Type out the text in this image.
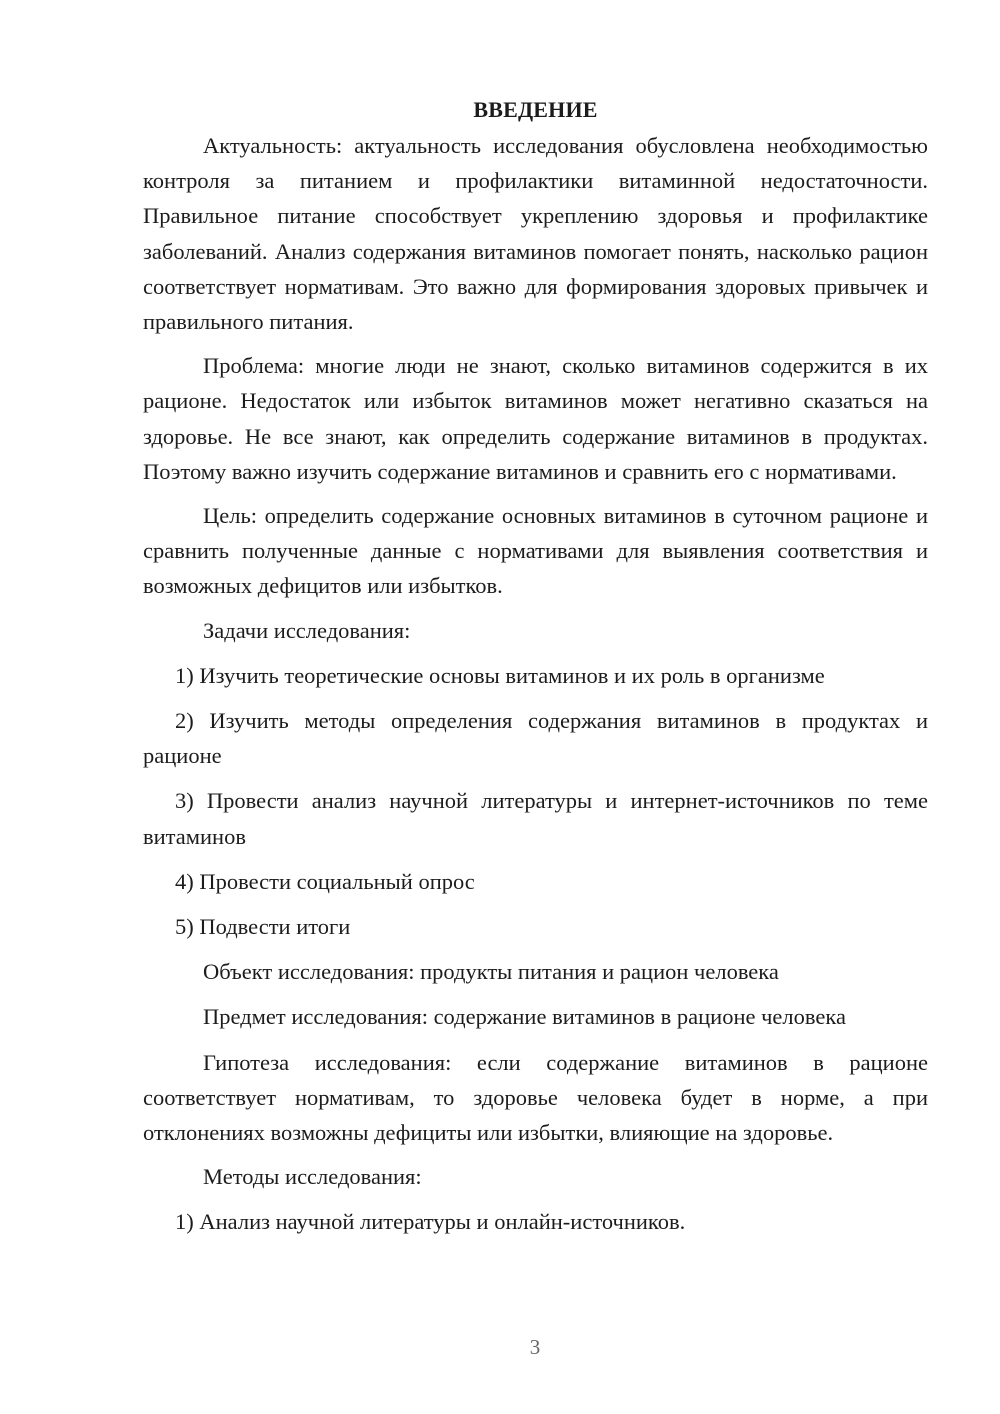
ВВЕДЕНИЕ

Актуальность: актуальность исследования обусловлена необходимостью контроля за питанием и профилактики витаминной недостаточности. Правильное питание способствует укреплению здоровья и профилактике заболеваний. Анализ содержания витаминов помогает понять, насколько рацион соответствует нормативам. Это важно для формирования здоровых привычек и правильного питания.

Проблема: многие люди не знают, сколько витаминов содержится в их рационе. Недостаток или избыток витаминов может негативно сказаться на здоровье. Не все знают, как определить содержание витаминов в продуктах. Поэтому важно изучить содержание витаминов и сравнить его с нормативами.

Цель: определить содержание основных витаминов в суточном рационе и сравнить полученные данные с нормативами для выявления соответствия и возможных дефицитов или избытков.

Задачи исследования:

1) Изучить теоретические основы витаминов и их роль в организме

2) Изучить методы определения содержания витаминов в продуктах и рационе

3) Провести анализ научной литературы и интернет-источников по теме витаминов

4) Провести социальный опрос

5) Подвести итоги

Объект исследования: продукты питания и рацион человека

Предмет исследования: содержание витаминов в рационе человека

Гипотеза исследования: если содержание витаминов в рационе соответствует нормативам, то здоровье человека будет в норме, а при отклонениях возможны дефициты или избытки, влияющие на здоровье.

Методы исследования:

1) Анализ научной литературы и онлайн-источников.

3
